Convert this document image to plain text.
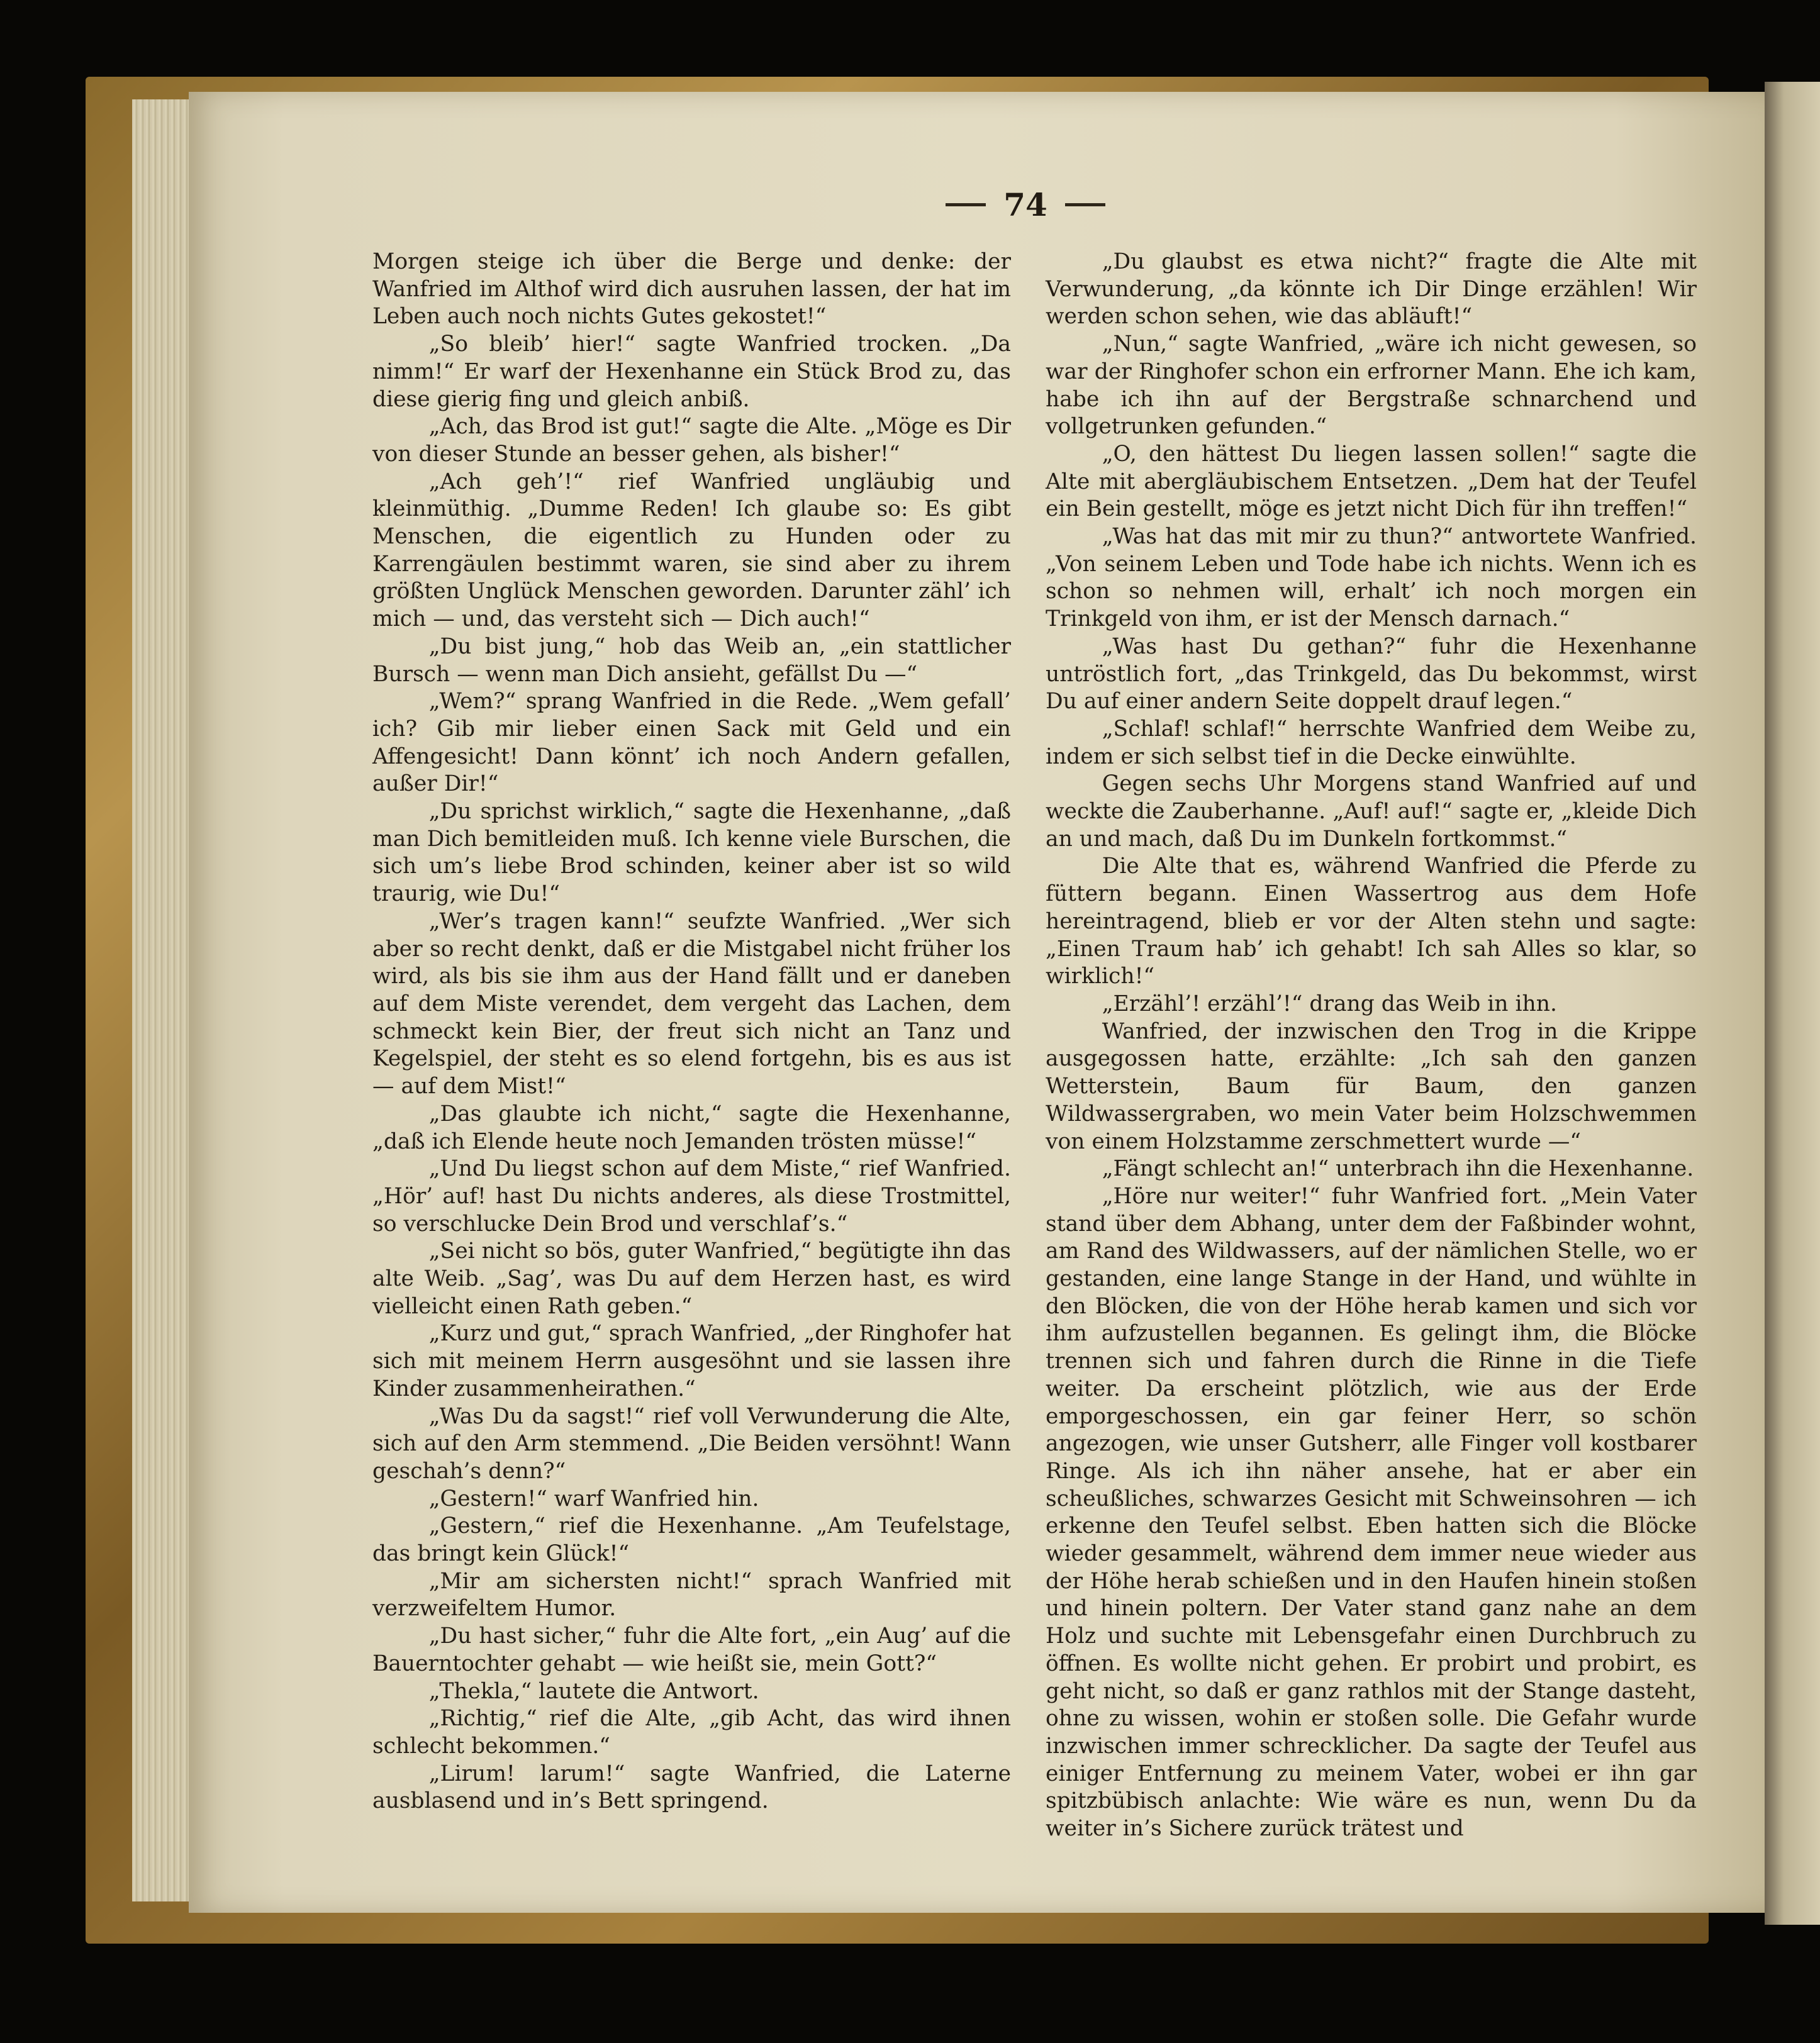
74

Morgen steige ich über die Berge und denke: der Wanfried im Althof wird dich ausruhen lassen, der hat im Leben auch noch nichts Gutes gekostet!“

„So bleib’ hier!“ sagte Wanfried trocken. „Da nimm!“ Er warf der Hexenhanne ein Stück Brod zu, das diese gierig fing und gleich anbiß.

„Ach, das Brod ist gut!“ sagte die Alte. „Möge es Dir von dieser Stunde an besser gehen, als bisher!“

„Ach geh’!“ rief Wanfried ungläubig und kleinmüthig. „Dumme Reden! Ich glaube so: Es gibt Menschen, die eigentlich zu Hunden oder zu Karrengäulen bestimmt waren, sie sind aber zu ihrem größten Unglück Menschen geworden. Darunter zähl’ ich mich — und, das versteht sich — Dich auch!“

„Du bist jung,“ hob das Weib an, „ein stattlicher Bursch — wenn man Dich ansieht, gefällst Du —“

„Wem?“ sprang Wanfried in die Rede. „Wem gefall’ ich? Gib mir lieber einen Sack mit Geld und ein Affengesicht! Dann könnt’ ich noch Andern gefallen, außer Dir!“

„Du sprichst wirklich,“ sagte die Hexenhanne, „daß man Dich bemitleiden muß. Ich kenne viele Burschen, die sich um’s liebe Brod schinden, keiner aber ist so wild traurig, wie Du!“

„Wer’s tragen kann!“ seufzte Wanfried. „Wer sich aber so recht denkt, daß er die Mistgabel nicht früher los wird, als bis sie ihm aus der Hand fällt und er daneben auf dem Miste verendet, dem vergeht das Lachen, dem schmeckt kein Bier, der freut sich nicht an Tanz und Kegelspiel, der steht es so elend fortgehn, bis es aus ist — auf dem Mist!“

„Das glaubte ich nicht,“ sagte die Hexenhanne, „daß ich Elende heute noch Jemanden trösten müsse!“

„Und Du liegst schon auf dem Miste,“ rief Wanfried. „Hör’ auf! hast Du nichts anderes, als diese Trostmittel, so verschlucke Dein Brod und verschlaf’s.“

„Sei nicht so bös, guter Wanfried,“ begütigte ihn das alte Weib. „Sag’, was Du auf dem Herzen hast, es wird vielleicht einen Rath geben.“

„Kurz und gut,“ sprach Wanfried, „der Ringhofer hat sich mit meinem Herrn ausgesöhnt und sie lassen ihre Kinder zusammenheirathen.“

„Was Du da sagst!“ rief voll Verwunderung die Alte, sich auf den Arm stemmend. „Die Beiden versöhnt! Wann geschah’s denn?“

„Gestern!“ warf Wanfried hin.

„Gestern,“ rief die Hexenhanne. „Am Teufelstage, das bringt kein Glück!“

„Mir am sichersten nicht!“ sprach Wanfried mit verzweifeltem Humor.

„Du hast sicher,“ fuhr die Alte fort, „ein Aug’ auf die Bauerntochter gehabt — wie heißt sie, mein Gott?“

„Thekla,“ lautete die Antwort.

„Richtig,“ rief die Alte, „gib Acht, das wird ihnen schlecht bekommen.“

„Lirum! larum!“ sagte Wanfried, die Laterne ausblasend und in’s Bett springend.

„Du glaubst es etwa nicht?“ fragte die Alte mit Verwunderung, „da könnte ich Dir Dinge erzählen! Wir werden schon sehen, wie das abläuft!“

„Nun,“ sagte Wanfried, „wäre ich nicht gewesen, so war der Ringhofer schon ein erfrorner Mann. Ehe ich kam, habe ich ihn auf der Bergstraße schnarchend und vollgetrunken gefunden.“

„O, den hättest Du liegen lassen sollen!“ sagte die Alte mit abergläubischem Entsetzen. „Dem hat der Teufel ein Bein gestellt, möge es jetzt nicht Dich für ihn treffen!“

„Was hat das mit mir zu thun?“ antwortete Wanfried. „Von seinem Leben und Tode habe ich nichts. Wenn ich es schon so nehmen will, erhalt’ ich noch morgen ein Trinkgeld von ihm, er ist der Mensch darnach.“

„Was hast Du gethan?“ fuhr die Hexenhanne untröstlich fort, „das Trinkgeld, das Du bekommst, wirst Du auf einer andern Seite doppelt drauf legen.“

„Schlaf! schlaf!“ herrschte Wanfried dem Weibe zu, indem er sich selbst tief in die Decke einwühlte.

Gegen sechs Uhr Morgens stand Wanfried auf und weckte die Zauberhanne. „Auf! auf!“ sagte er, „kleide Dich an und mach, daß Du im Dunkeln fortkommst.“

Die Alte that es, während Wanfried die Pferde zu füttern begann. Einen Wassertrog aus dem Hofe hereintragend, blieb er vor der Alten stehn und sagte: „Einen Traum hab’ ich gehabt! Ich sah Alles so klar, so wirklich!“

„Erzähl’! erzähl’!“ drang das Weib in ihn.

Wanfried, der inzwischen den Trog in die Krippe ausgegossen hatte, erzählte: „Ich sah den ganzen Wetterstein, Baum für Baum, den ganzen Wildwassergraben, wo mein Vater beim Holzschwemmen von einem Holzstamme zerschmettert wurde —“

„Fängt schlecht an!“ unterbrach ihn die Hexenhanne.

„Höre nur weiter!“ fuhr Wanfried fort. „Mein Vater stand über dem Abhang, unter dem der Faßbinder wohnt, am Rand des Wildwassers, auf der nämlichen Stelle, wo er gestanden, eine lange Stange in der Hand, und wühlte in den Blöcken, die von der Höhe herab kamen und sich vor ihm aufzustellen begannen. Es gelingt ihm, die Blöcke trennen sich und fahren durch die Rinne in die Tiefe weiter. Da erscheint plötzlich, wie aus der Erde emporgeschossen, ein gar feiner Herr, so schön angezogen, wie unser Gutsherr, alle Finger voll kostbarer Ringe. Als ich ihn näher ansehe, hat er aber ein scheußliches, schwarzes Gesicht mit Schweinsohren — ich erkenne den Teufel selbst. Eben hatten sich die Blöcke wieder gesammelt, während dem immer neue wieder aus der Höhe herab schießen und in den Haufen hinein stoßen und hinein poltern. Der Vater stand ganz nahe an dem Holz und suchte mit Lebensgefahr einen Durchbruch zu öffnen. Es wollte nicht gehen. Er probirt und probirt, es geht nicht, so daß er ganz rathlos mit der Stange dasteht, ohne zu wissen, wohin er stoßen solle. Die Gefahr wurde inzwischen immer schrecklicher. Da sagte der Teufel aus einiger Entfernung zu meinem Vater, wobei er ihn gar spitzbübisch anlachte: Wie wäre es nun, wenn Du da weiter in’s Sichere zurück trätest und
